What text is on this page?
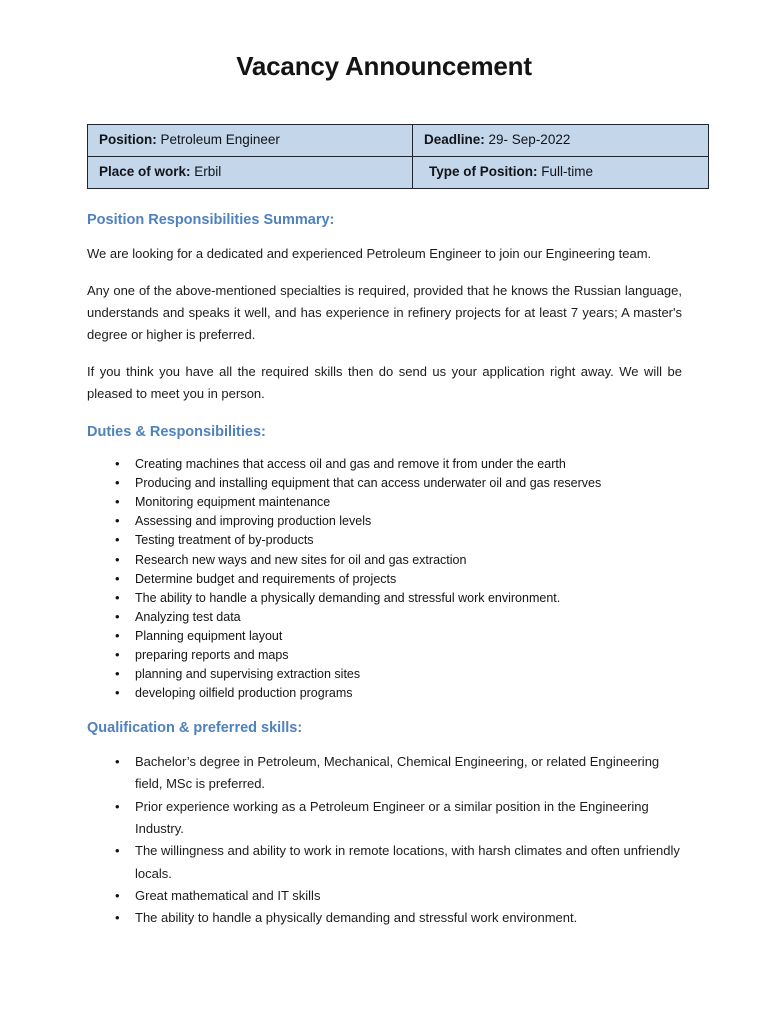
Vacancy Announcement
Position: Petroleum Engineer	Deadline: 29- Sep-2022
Place of work: Erbil	Type of Position: Full-time
Position Responsibilities Summary:

We are looking for a dedicated and experienced Petroleum Engineer to join our Engineering team.

Any one of the above-mentioned specialties is required, provided that he knows the Russian language, understands and speaks it well, and has experience in refinery projects for at least 7 years; A master's degree or higher is preferred.

If you think you have all the required skills then do send us your application right away. We will be pleased to meet you in person.

Duties & Responsibilities:
• Creating machines that access oil and gas and remove it from under the earth
• Producing and installing equipment that can access underwater oil and gas reserves
• Monitoring equipment maintenance
• Assessing and improving production levels
• Testing treatment of by-products
• Research new ways and new sites for oil and gas extraction
• Determine budget and requirements of projects
• The ability to handle a physically demanding and stressful work environment.
• Analyzing test data
• Planning equipment layout
• preparing reports and maps
• planning and supervising extraction sites
• developing oilfield production programs
Qualification & preferred skills:
• Bachelor’s degree in Petroleum, Mechanical, Chemical Engineering, or related Engineering field, MSc is preferred.
• Prior experience working as a Petroleum Engineer or a similar position in the Engineering Industry.
• The willingness and ability to work in remote locations, with harsh climates and often unfriendly locals.
• Great mathematical and IT skills
• The ability to handle a physically demanding and stressful work environment.
